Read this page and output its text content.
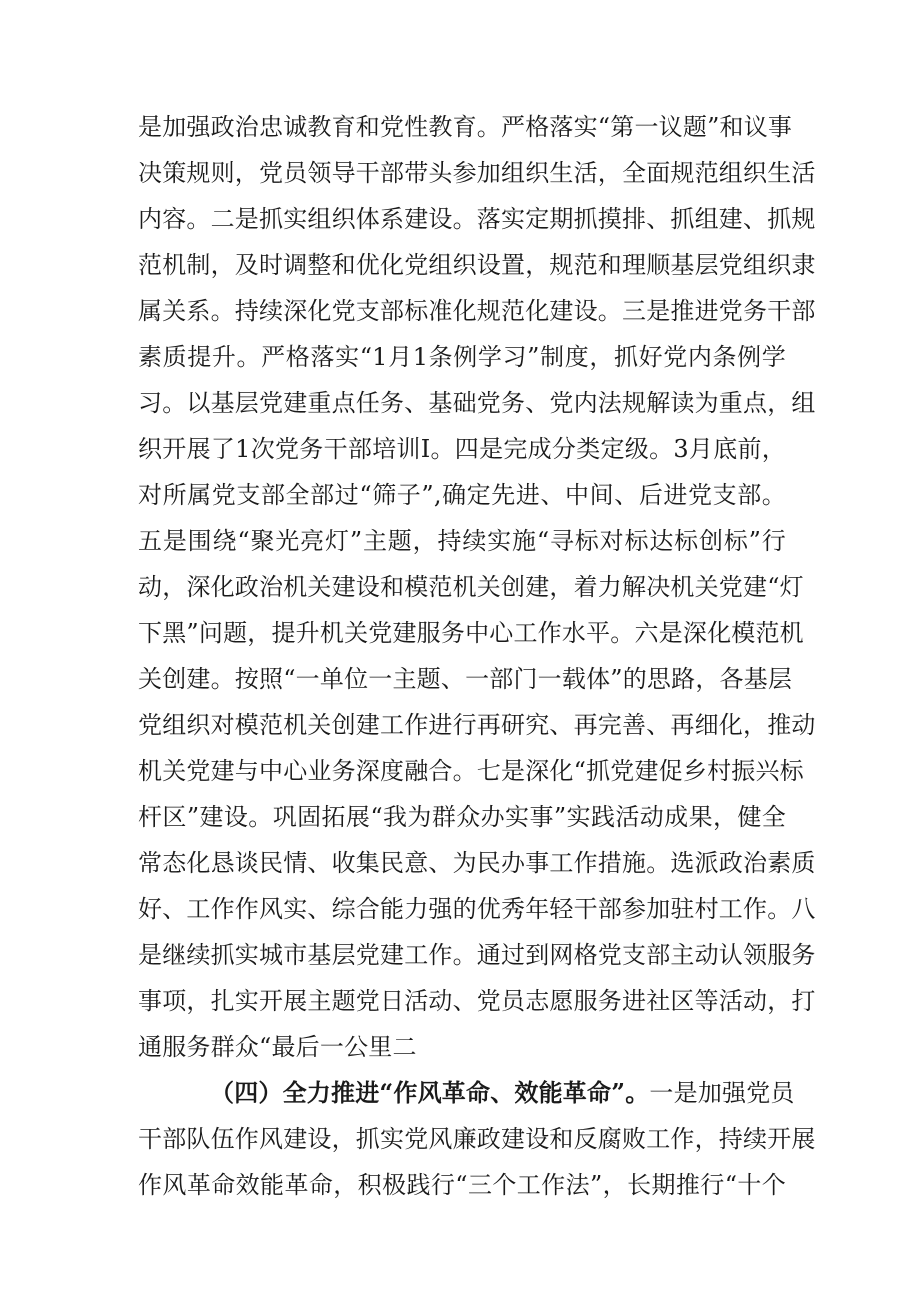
是加强政治忠诚教育和党性教育。严格落实“第一议题”和议事
决策规则，党员领导干部带头参加组织生活，全面规范组织生活
内容。二是抓实组织体系建设。落实定期抓摸排、抓组建、抓规
范机制，及时调整和优化党组织设置，规范和理顺基层党组织隶
属关系。持续深化党支部标准化规范化建设。三是推进党务干部
素质提升。严格落实“1月1条例学习”制度，抓好党内条例学
习。以基层党建重点任务、基础党务、党内法规解读为重点，组
织开展了1次党务干部培训I。四是完成分类定级。3月底前，
对所属党支部全部过“筛子”,确定先进、中间、后进党支部。
五是围绕“聚光亮灯”主题，持续实施“寻标对标达标创标”行
动，深化政治机关建设和模范机关创建，着力解决机关党建“灯
下黑”问题，提升机关党建服务中心工作水平。六是深化模范机
关创建。按照“一单位一主题、一部门一载体”的思路，各基层
党组织对模范机关创建工作进行再研究、再完善、再细化，推动
机关党建与中心业务深度融合。七是深化“抓党建促乡村振兴标
杆区”建设。巩固拓展“我为群众办实事”实践活动成果，健全
常态化恳谈民情、收集民意、为民办事工作措施。选派政治素质
好、工作作风实、综合能力强的优秀年轻干部参加驻村工作。八
是继续抓实城市基层党建工作。通过到网格党支部主动认领服务
事项，扎实开展主题党日活动、党员志愿服务进社区等活动，打
通服务群众“最后一公里二
（四）全力推进“作风革命、效能革命”。一是加强党员
干部队伍作风建设，抓实党风廉政建设和反腐败工作，持续开展
作风革命效能革命，积极践行“三个工作法”，长期推行“十个
